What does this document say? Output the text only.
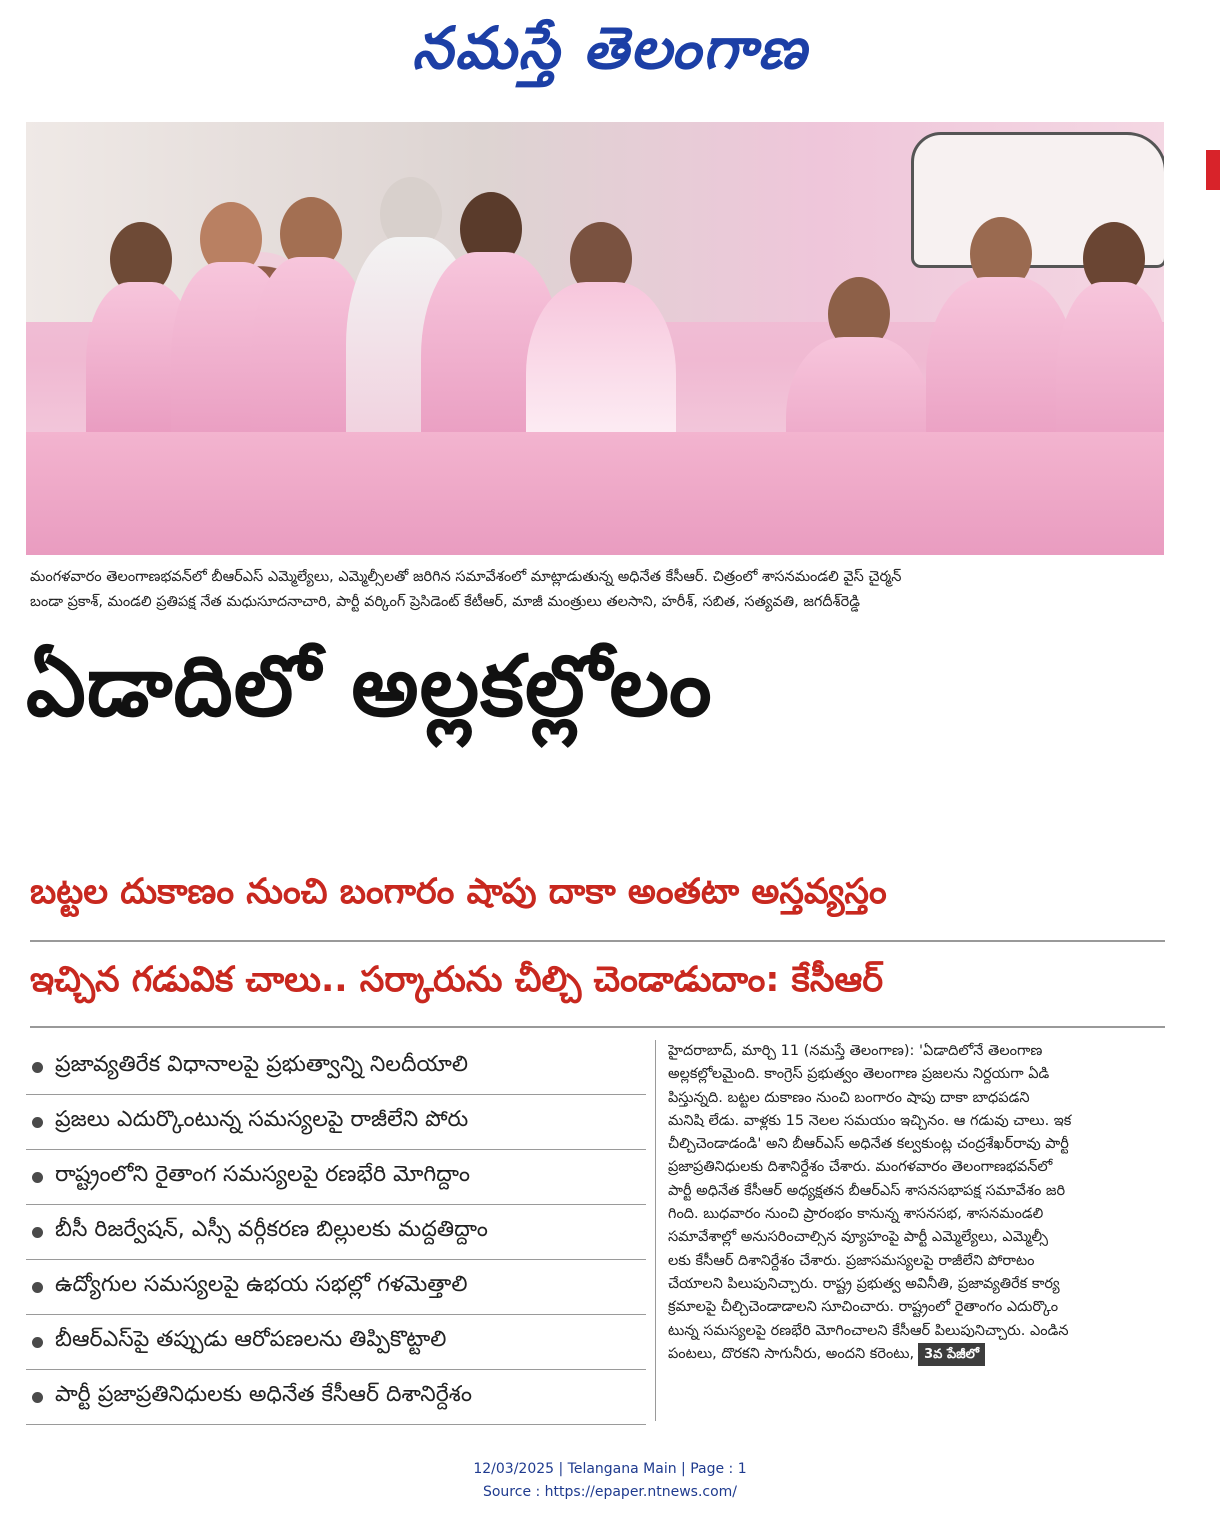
నమస్తే తెలంగాణ
మంగళవారం తెలంగాణభవన్‌లో బీఆర్‌ఎస్ ఎమ్మెల్యేలు, ఎమ్మెల్సీలతో జరిగిన సమావేశంలో మాట్లాడుతున్న అధినేత కేసీఆర్. చిత్రంలో శాసనమండలి వైస్ చైర్మన్
బండా ప్రకాశ్, మండలి ప్రతిపక్ష నేత మధుసూదనాచారి, పార్టీ వర్కింగ్ ప్రెసిడెంట్ కేటీఆర్, మాజీ మంత్రులు తలసాని, హరీశ్, సబిత, సత్యవతి, జగదీశ్‌రెడ్డి
ఏడాదిలో అల్లకల్లోలం
బట్టల దుకాణం నుంచి బంగారం షాపు దాకా అంతటా అస్తవ్యస్తం
ఇచ్చిన గడువిక చాలు.. సర్కారును చీల్చి చెండాడుదాం: కేసీఆర్
ప్రజావ్యతిరేక విధానాలపై ప్రభుత్వాన్ని నిలదీయాలి
ప్రజలు ఎదుర్కొంటున్న సమస్యలపై రాజీలేని పోరు
రాష్ట్రంలోని రైతాంగ సమస్యలపై రణభేరి మోగిద్దాం
బీసీ రిజర్వేషన్, ఎస్సీ వర్గీకరణ బిల్లులకు మద్దతిద్దాం
ఉద్యోగుల సమస్యలపై ఉభయ సభల్లో గళమెత్తాలి
బీఆర్‌ఎస్‌పై తప్పుడు ఆరోపణలను తిప్పికొట్టాలి
పార్టీ ప్రజాప్రతినిధులకు అధినేత కేసీఆర్ దిశానిర్దేశం
హైదరాబాద్, మార్చి 11 (నమస్తే తెలంగాణ): 'ఏడాదిలోనే తెలంగాణ
అల్లకల్లోలమైంది. కాంగ్రెస్ ప్రభుత్వం తెలంగాణ ప్రజలను నిర్దయగా ఏడి
పిస్తున్నది. బట్టల దుకాణం నుంచి బంగారం షాపు దాకా బాధపడని
మనిషి లేడు. వాళ్లకు 15 నెలల సమయం ఇచ్చినం. ఆ గడువు చాలు. ఇక
చీల్చిచెండాడండి' అని బీఆర్‌ఎస్ అధినేత కల్వకుంట్ల చంద్రశేఖర్‌రావు పార్టీ
ప్రజాప్రతినిధులకు దిశానిర్దేశం చేశారు. మంగళవారం తెలంగాణభవన్‌లో
పార్టీ అధినేత కేసీఆర్ అధ్యక్షతన బీఆర్‌ఎస్ శాసనసభాపక్ష సమావేశం జరి
గింది. బుధవారం నుంచి ప్రారంభం కానున్న శాసనసభ, శాసనమండలి
సమావేశాల్లో అనుసరించాల్సిన వ్యూహంపై పార్టీ ఎమ్మెల్యేలు, ఎమ్మెల్సీ
లకు కేసీఆర్ దిశానిర్దేశం చేశారు. ప్రజాసమస్యలపై రాజీలేని పోరాటం
చేయాలని పిలుపునిచ్చారు. రాష్ట్ర ప్రభుత్వ అవినీతి, ప్రజావ్యతిరేక కార్య
క్రమాలపై చీల్చిచెండాడాలని సూచించారు. రాష్ట్రంలో రైతాంగం ఎదుర్కొం
టున్న సమస్యలపై రణభేరి మోగించాలని కేసీఆర్ పిలుపునిచ్చారు. ఎండిన
పంటలు, దొరకని సాగునీరు, అందని కరెంటు, 3వ పేజీలో
12/03/2025 | Telangana Main | Page : 1
Source : https://epaper.ntnews.com/
